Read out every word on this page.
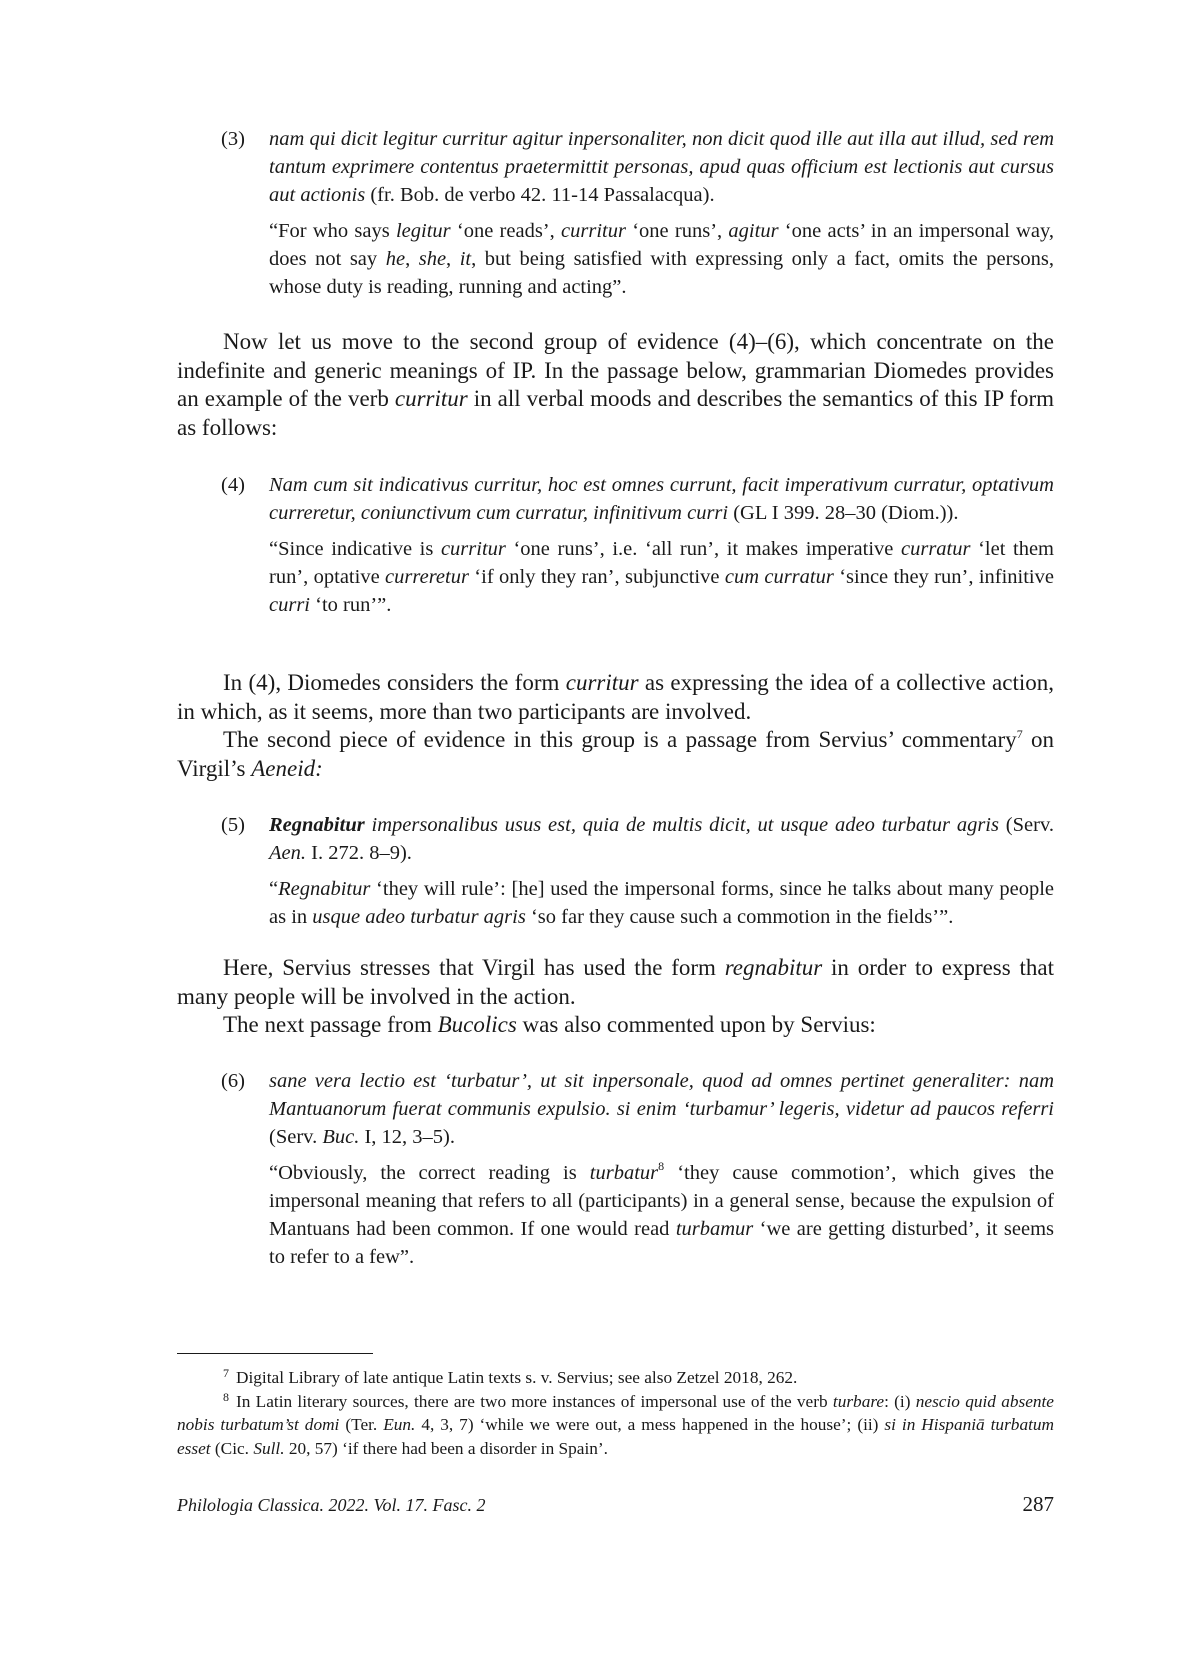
(3) nam qui dicit legitur curritur agitur inpersonaliter, non dicit quod ille aut illa aut illud, sed rem tantum exprimere contentus praetermittit personas, apud quas officium est lectionis aut cursus aut actionis (fr. Bob. de verbo 42. 11-14 Passalacqua).

“For who says legitur ‘one reads’, curritur ‘one runs’, agitur ‘one acts’ in an impersonal way, does not say he, she, it, but being satisfied with expressing only a fact, omits the persons, whose duty is reading, running and acting”.

Now let us move to the second group of evidence (4)–(6), which concentrate on the indefinite and generic meanings of IP. In the passage below, grammarian Diomedes provides an example of the verb curritur in all verbal moods and describes the semantics of this IP form as follows:

(4) Nam cum sit indicativus curritur, hoc est omnes currunt, facit imperativum curratur, optativum curreretur, coniunctivum cum curratur, infinitivum curri (GL I 399. 28–30 (Diom.)).

“Since indicative is curritur ‘one runs’, i.e. ‘all run’, it makes imperative curratur ‘let them run’, optative curreretur ‘if only they ran’, subjunctive cum curratur ‘since they run’, infinitive curri ‘to run’”.

In (4), Diomedes considers the form curritur as expressing the idea of a collective action, in which, as it seems, more than two participants are involved.

The second piece of evidence in this group is a passage from Servius’ commentary$^7$ on Virgil’s Aeneid:

(5) Regnabitur impersonalibus usus est, quia de multis dicit, ut usque adeo turbatur agris (Serv. Aen. I. 272. 8–9).

“Regnabitur ‘they will rule’: [he] used the impersonal forms, since he talks about many people as in usque adeo turbatur agris ‘so far they cause such a commotion in the fields’”.

Here, Servius stresses that Virgil has used the form regnabitur in order to express that many people will be involved in the action.

The next passage from Bucolics was also commented upon by Servius:

(6) sane vera lectio est ‘turbatur’, ut sit inpersonale, quod ad omnes pertinet generaliter: nam Mantuanorum fuerat communis expulsio. si enim ‘turbamur’ legeris, videtur ad paucos referri (Serv. Buc. I, 12, 3–5).

“Obviously, the correct reading is turbatur$^8$ ‘they cause commotion’, which gives the impersonal meaning that refers to all (participants) in a general sense, because the expulsion of Mantuans had been common. If one would read turbamur ‘we are getting disturbed’, it seems to refer to a few”.

$^7$ Digital Library of late antique Latin texts s. v. Servius; see also Zetzel 2018, 262.

$^8$ In Latin literary sources, there are two more instances of impersonal use of the verb turbare: (i) nescio quid absente nobis turbatum’st domi (Ter. Eun. 4, 3, 7) ‘while we were out, a mess happened in the house’; (ii) si in Hispaniā turbatum esset (Cic. Sull. 20, 57) ‘if there had been a disorder in Spain’.

Philologia Classica. 2022. Vol. 17. Fasc. 2	287
